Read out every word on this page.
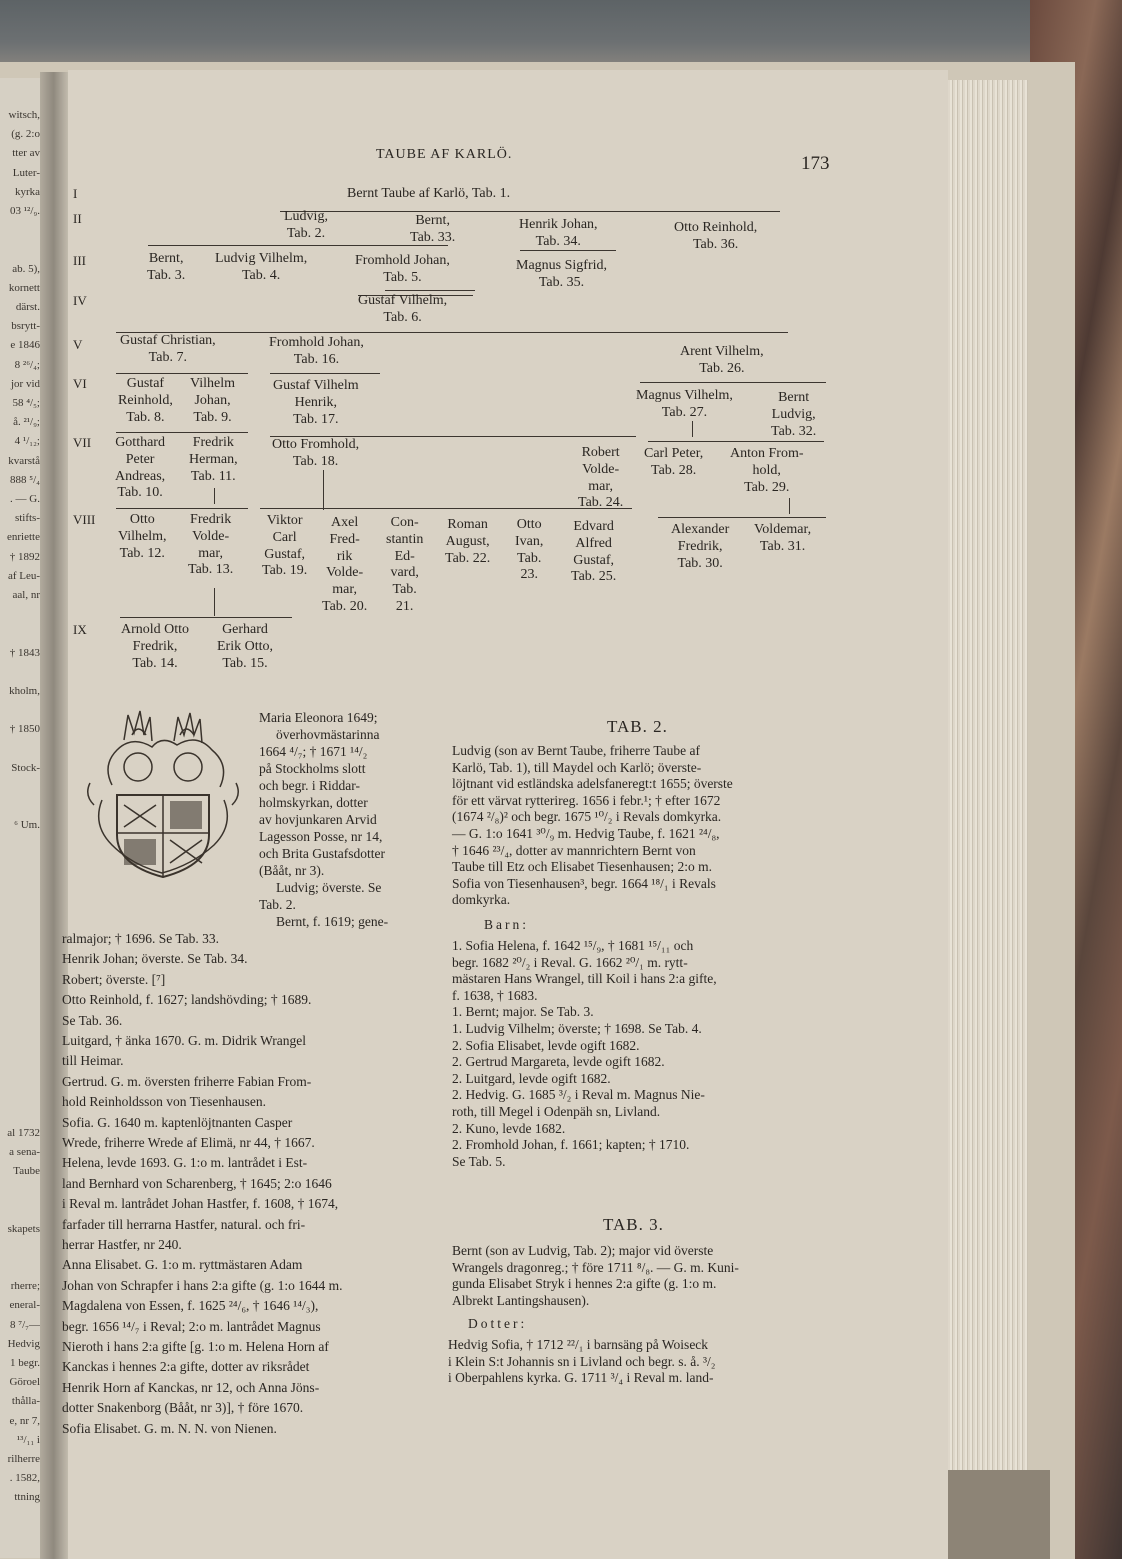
witsch,
(g. 2:o
tter av
Luter-
kyrka
03 ¹²/₉.
ab. 5),
kornett
därst.
bsrytt-
e 1846
8 ²⁶/₄;
jor vid
58 ⁴/₅;
å. ²¹/₉;
4 ¹/₁₂;
kvarstå
888 ⁵/₄
. — G.
stifts-
enriette
† 1892
af Leu-
aal, nr
† 1843
kholm,
† 1850
Stock-
⁶ Um.
al 1732
a sena-
Taube
skapets
rherre;
eneral-
8 ⁷/₇—
Hedvig
1 begr.
Göroel
thålla-
e, nr 7,
¹³/₁₁ i
rilherre
. 1582,
ttning
TAUBE AF KARLÖ.	173
I
II
III
IV
V
VI
VII
VIII
IX
Bernt Taube af Karlö, Tab. 1.
Ludvig,
Tab. 2.
Bernt,
Tab. 33.
Henrik Johan,
Tab. 34.
Otto Reinhold,
Tab. 36.
Bernt,
Tab. 3.
Ludvig Vilhelm,
Tab. 4.
Fromhold Johan,
Tab. 5.
Magnus Sigfrid,
Tab. 35.
Gustaf Vilhelm,
Tab. 6.
Gustaf Christian,
Tab. 7.
Fromhold Johan,
Tab. 16.
Arent Vilhelm,
Tab. 26.
Gustaf
Reinhold,
Tab. 8.
Vilhelm
Johan,
Tab. 9.
Gustaf Vilhelm
Henrik,
Tab. 17.
Magnus Vilhelm,
Tab. 27.
Bernt
Ludvig,
Tab. 32.
Gotthard
Peter
Andreas,
Tab. 10.
Fredrik
Herman,
Tab. 11.
Otto Fromhold,
Tab. 18.
Robert
Volde-
mar,
Tab. 24.
Carl Peter,
Tab. 28.
Anton From-
hold,
Tab. 29.
Otto
Vilhelm,
Tab. 12.
Fredrik
Volde-
mar,
Tab. 13.
Viktor
Carl
Gustaf,
Tab. 19.
Axel
Fred-
rik
Volde-
mar,
Tab. 20.
Con-
stantin
Ed-
vard,
Tab.
21.
Roman
August,
Tab. 22.
Otto
Ivan,
Tab.
23.
Edvard
Alfred
Gustaf,
Tab. 25.
Alexander
Fredrik,
Tab. 30.
Voldemar,
Tab. 31.
Arnold Otto
Fredrik,
Tab. 14.
Gerhard
Erik Otto,
Tab. 15.
Maria Eleonora 1649;
överhovmästarinna
1664 ⁴/₇; † 1671 ¹⁴/₂
på Stockholms slott
och begr. i Riddar-
holmskyrkan, dotter
av hovjunkaren Arvid
Lagesson Posse, nr 14,
och Brita Gustafsdotter
(Bååt, nr 3).
Ludvig; överste. Se
Tab. 2.
Bernt, f. 1619; gene-
ralmajor; † 1696. Se Tab. 33.
Henrik Johan; överste. Se Tab. 34.
Robert; överste. [⁷]
Otto Reinhold, f. 1627; landshövding; † 1689.
Se Tab. 36.
Luitgard, † änka 1670. G. m. Didrik Wrangel
till Heimar.
Gertrud. G. m. översten friherre Fabian From-
hold Reinholdsson von Tiesenhausen.
Sofia. G. 1640 m. kaptenlöjtnanten Casper
Wrede, friherre Wrede af Elimä, nr 44, † 1667.
Helena, levde 1693. G. 1:o m. lantrådet i Est-
land Bernhard von Scharenberg, † 1645; 2:o 1646
i Reval m. lantrådet Johan Hastfer, f. 1608, † 1674,
farfader till herrarna Hastfer, natural. och fri-
herrar Hastfer, nr 240.
Anna Elisabet. G. 1:o m. ryttmästaren Adam
Johan von Schrapfer i hans 2:a gifte (g. 1:o 1644 m.
Magdalena von Essen, f. 1625 ²⁴/₆, † 1646 ¹⁴/₃),
begr. 1656 ¹⁴/₇ i Reval; 2:o m. lantrådet Magnus
Nieroth i hans 2:a gifte [g. 1:o m. Helena Horn af
Kanckas i hennes 2:a gifte, dotter av riksrådet
Henrik Horn af Kanckas, nr 12, och Anna Jöns-
dotter Snakenborg (Bååt, nr 3)], † före 1670.
Sofia Elisabet. G. m. N. N. von Nienen.
TAB. 2.
Ludvig (son av Bernt Taube, friherre Taube af
Karlö, Tab. 1), till Maydel och Karlö; överste-
löjtnant vid estländska adelsfaneregt:t 1655; överste
för ett värvat rytterireg. 1656 i febr.¹; † efter 1672
(1674 ²/₈)² och begr. 1675 ¹⁰/₂ i Revals domkyrka.
— G. 1:o 1641 ³⁰/₉ m. Hedvig Taube, f. 1621 ²⁴/₈,
† 1646 ²³/₄, dotter av mannrichtern Bernt von
Taube till Etz och Elisabet Tiesenhausen; 2:o m.
Sofia von Tiesenhausen³, begr. 1664 ¹⁸/₁ i Revals
domkyrka.
Barn:
1. Sofia Helena, f. 1642 ¹⁵/₉, † 1681 ¹⁵/₁₁ och
begr. 1682 ²⁰/₂ i Reval. G. 1662 ²⁰/₁ m. rytt-
mästaren Hans Wrangel, till Koil i hans 2:a gifte,
f. 1638, † 1683.
1. Bernt; major. Se Tab. 3.
1. Ludvig Vilhelm; överste; † 1698. Se Tab. 4.
2. Sofia Elisabet, levde ogift 1682.
2. Gertrud Margareta, levde ogift 1682.
2. Luitgard, levde ogift 1682.
2. Hedvig. G. 1685 ³/₂ i Reval m. Magnus Nie-
roth, till Megel i Odenpäh sn, Livland.
2. Kuno, levde 1682.
2. Fromhold Johan, f. 1661; kapten; † 1710.
Se Tab. 5.
TAB. 3.
Bernt (son av Ludvig, Tab. 2); major vid överste
Wrangels dragonreg.; † före 1711 ⁸/₈. — G. m. Kuni-
gunda Elisabet Stryk i hennes 2:a gifte (g. 1:o m.
Albrekt Lantingshausen).
Dotter:
Hedvig Sofia, † 1712 ²²/₁ i barnsäng på Woiseck
i Klein S:t Johannis sn i Livland och begr. s. å. ³/₂
i Oberpahlens kyrka. G. 1711 ³/₄ i Reval m. land-
